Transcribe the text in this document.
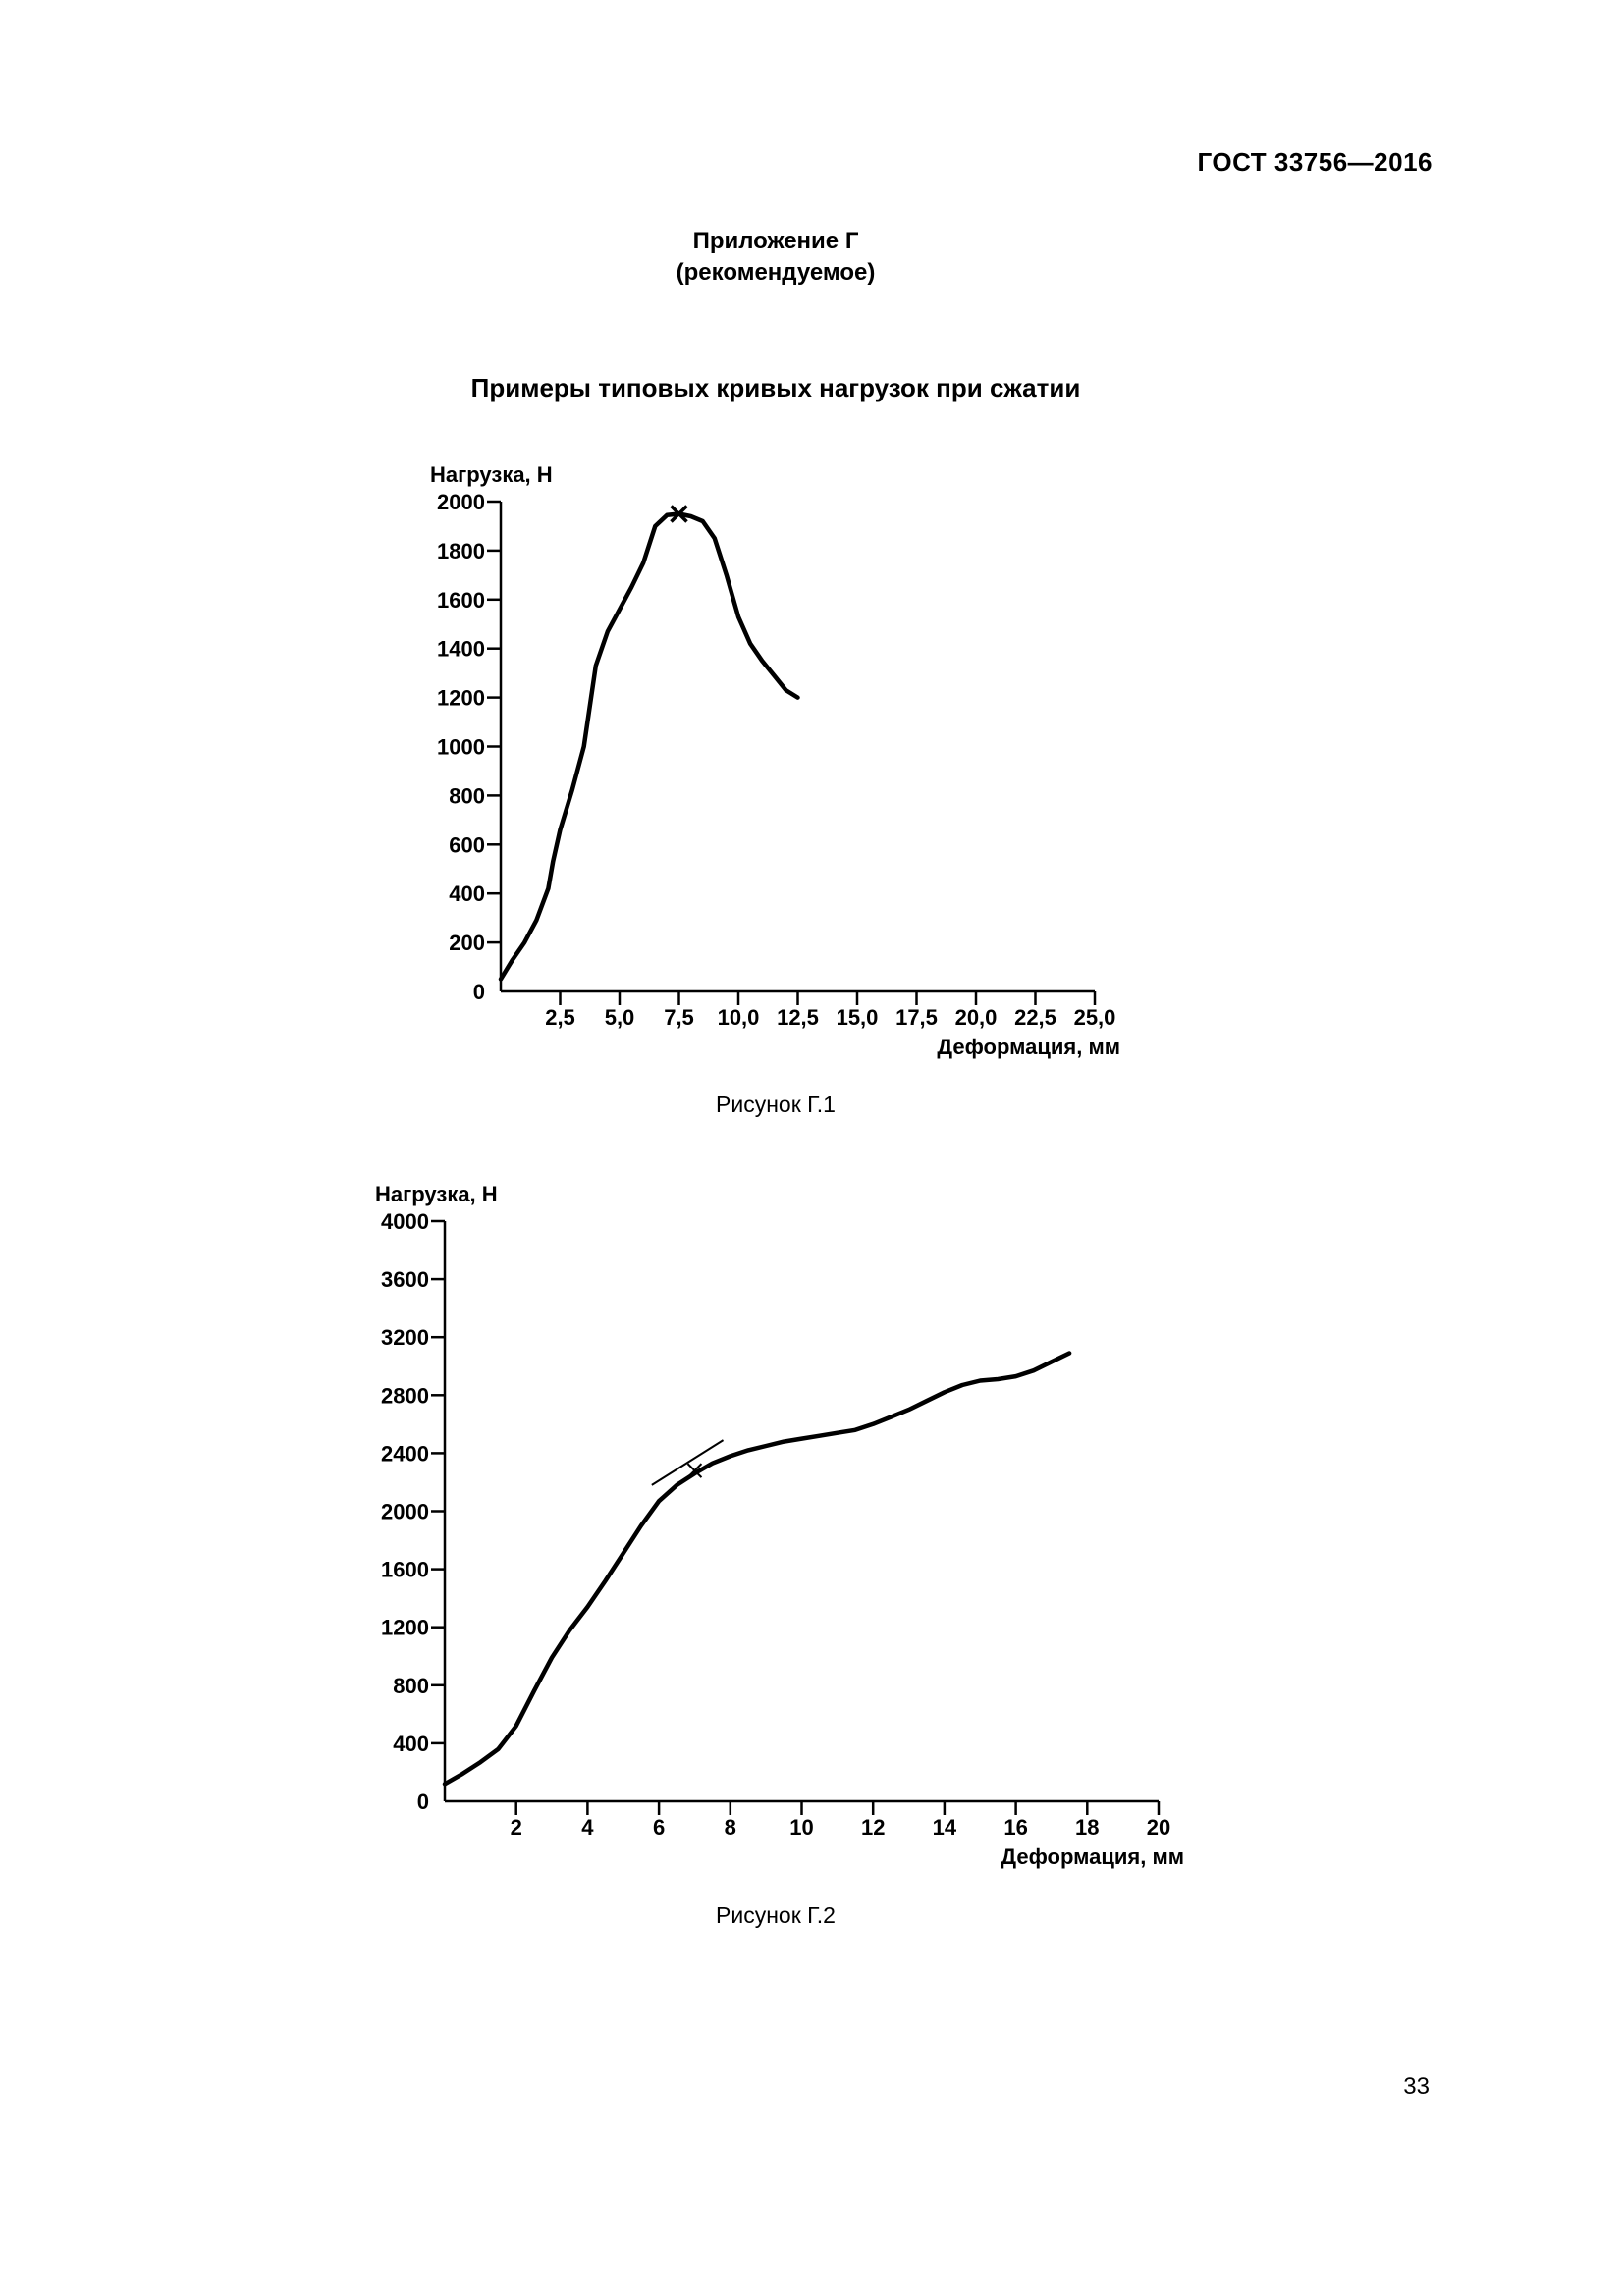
ГОСТ 33756—2016
Приложение Г
(рекомендуемое)
Примеры типовых кривых нагрузок при сжатии
0
200
400
600
800
1000
1200
1400
1600
1800
2000
2,5 5,0 7,5 10,0 12,5 15,0 17,5 20,0 22,5 25,0
Нагрузка, Н
Деформация, мм
Рисунок Г.1
0
400
800
1200
1600
2000
2400
2800
3200
3600
4000
2	4	6	8 10 12 14 16 18 20
Нагрузка, Н
Деформация, мм
Рисунок Г.2
33
